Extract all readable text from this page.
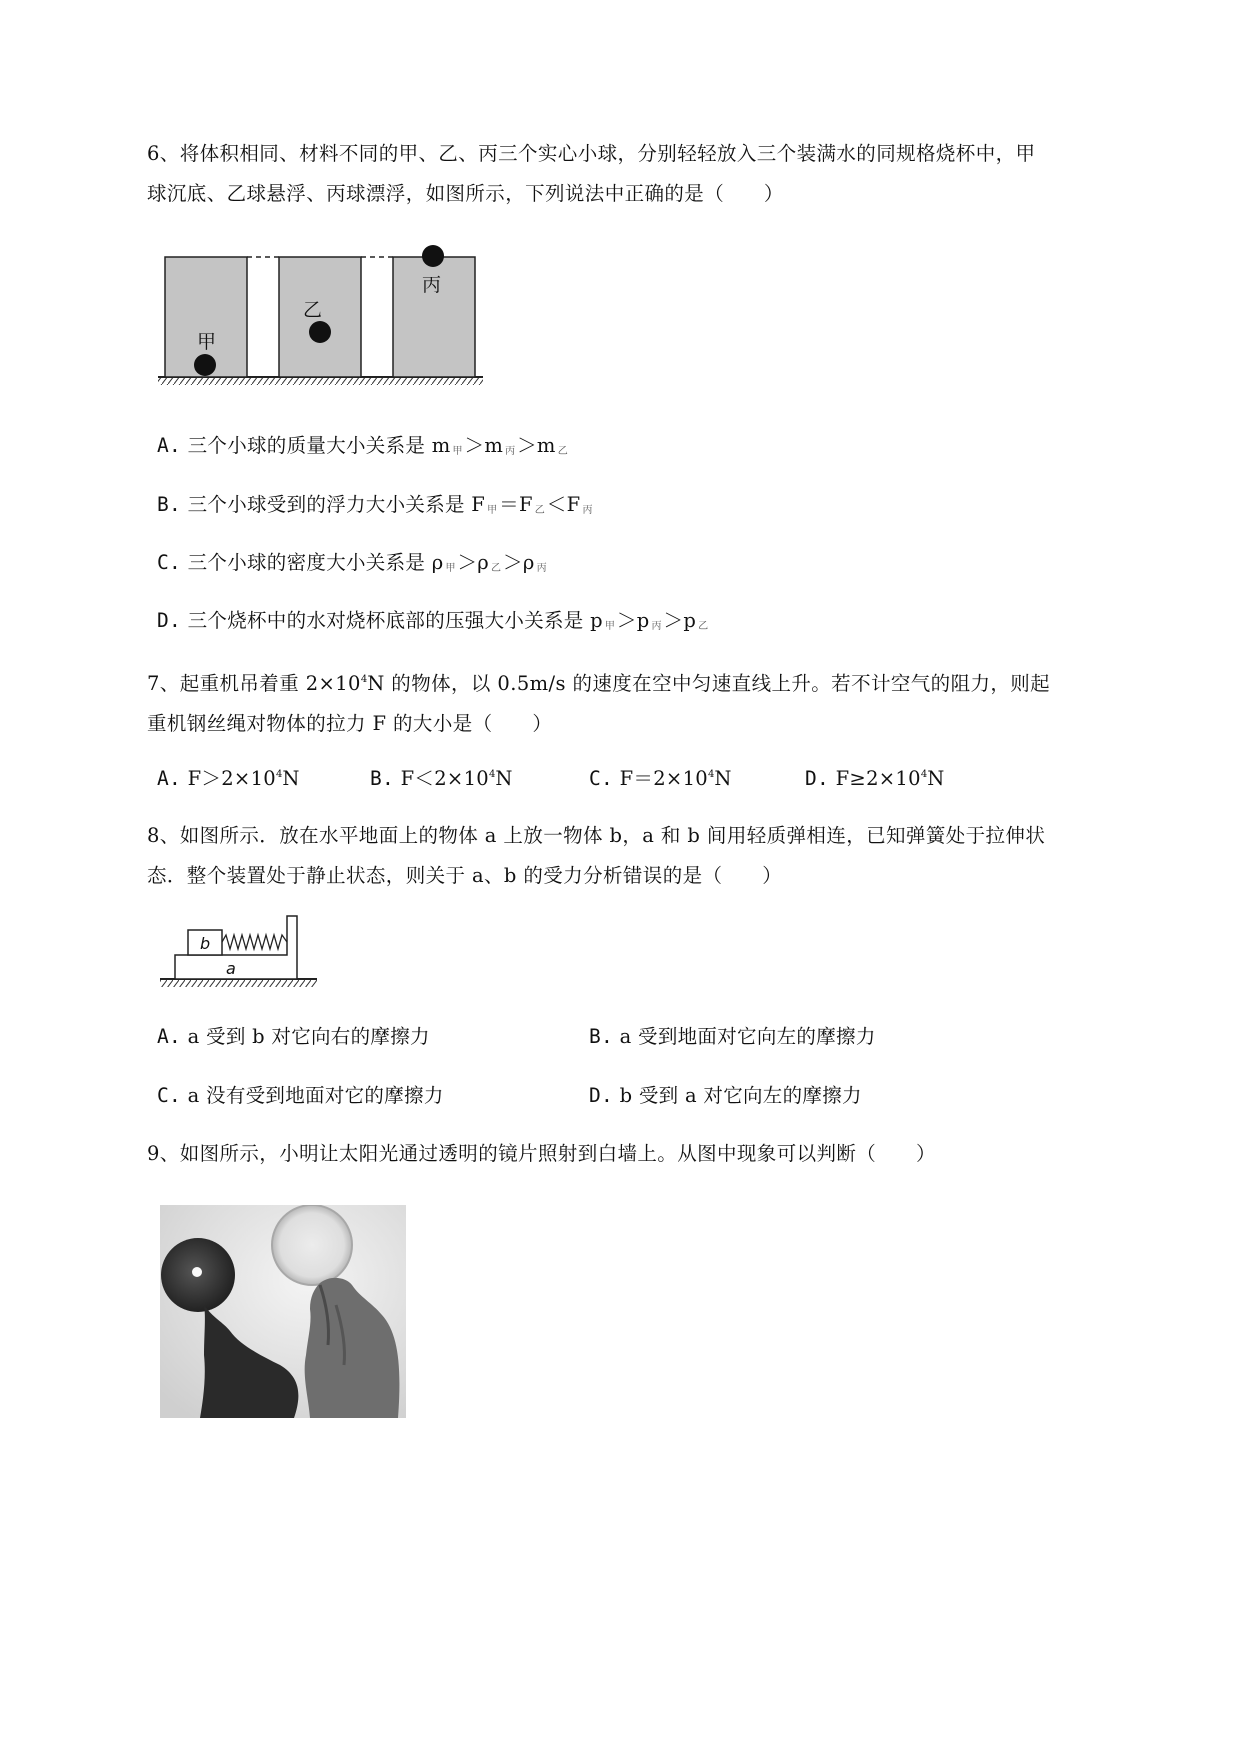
6、将体积相同、材料不同的甲、乙、丙三个实心小球，分别轻轻放入三个装满水的同规格烧杯中，甲
球沉底、乙球悬浮、丙球漂浮，如图所示，下列说法中正确的是（　　）
甲
乙
丙
A. 三个小球的质量大小关系是 m $_甲$ ＞m $_丙$ ＞m $_乙$
B. 三个小球受到的浮力大小关系是 F $_甲$ ＝F $_乙$ ＜F $_丙$
C. 三个小球的密度大小关系是 ρ $_甲$ ＞ρ $_乙$ ＞ρ $_丙$
D. 三个烧杯中的水对烧杯底部的压强大小关系是 p $_甲$ ＞p $_丙$ ＞p $_乙$
7、起重机吊着重 $2\times 10^4N$ 的物体，以 0.5m/s 的速度在空中匀速直线上升。若不计空气的阻力，则起
重机钢丝绳对物体的拉力 F 的大小是（　　）
A. $F>2\times 10^4N$	B. $F<2\times 10^4N$	C. $F=2\times 10^4N$	D. $F\ge 2\times 10^4N$
8、如图所示．放在水平地面上的物体 a 上放一物体 b，a 和 b 间用轻质弹相连，已知弹簧处于拉伸状
态．整个装置处于静止状态，则关于 a、b 的受力分析错误的是（　　）
b
a
A. a 受到 b 对它向右的摩擦力	B. a 受到地面对它向左的摩擦力
C. a 没有受到地面对它的摩擦力	D. b 受到 a 对它向左的摩擦力
9、如图所示，小明让太阳光通过透明的镜片照射到白墙上。从图中现象可以判断（　　）
